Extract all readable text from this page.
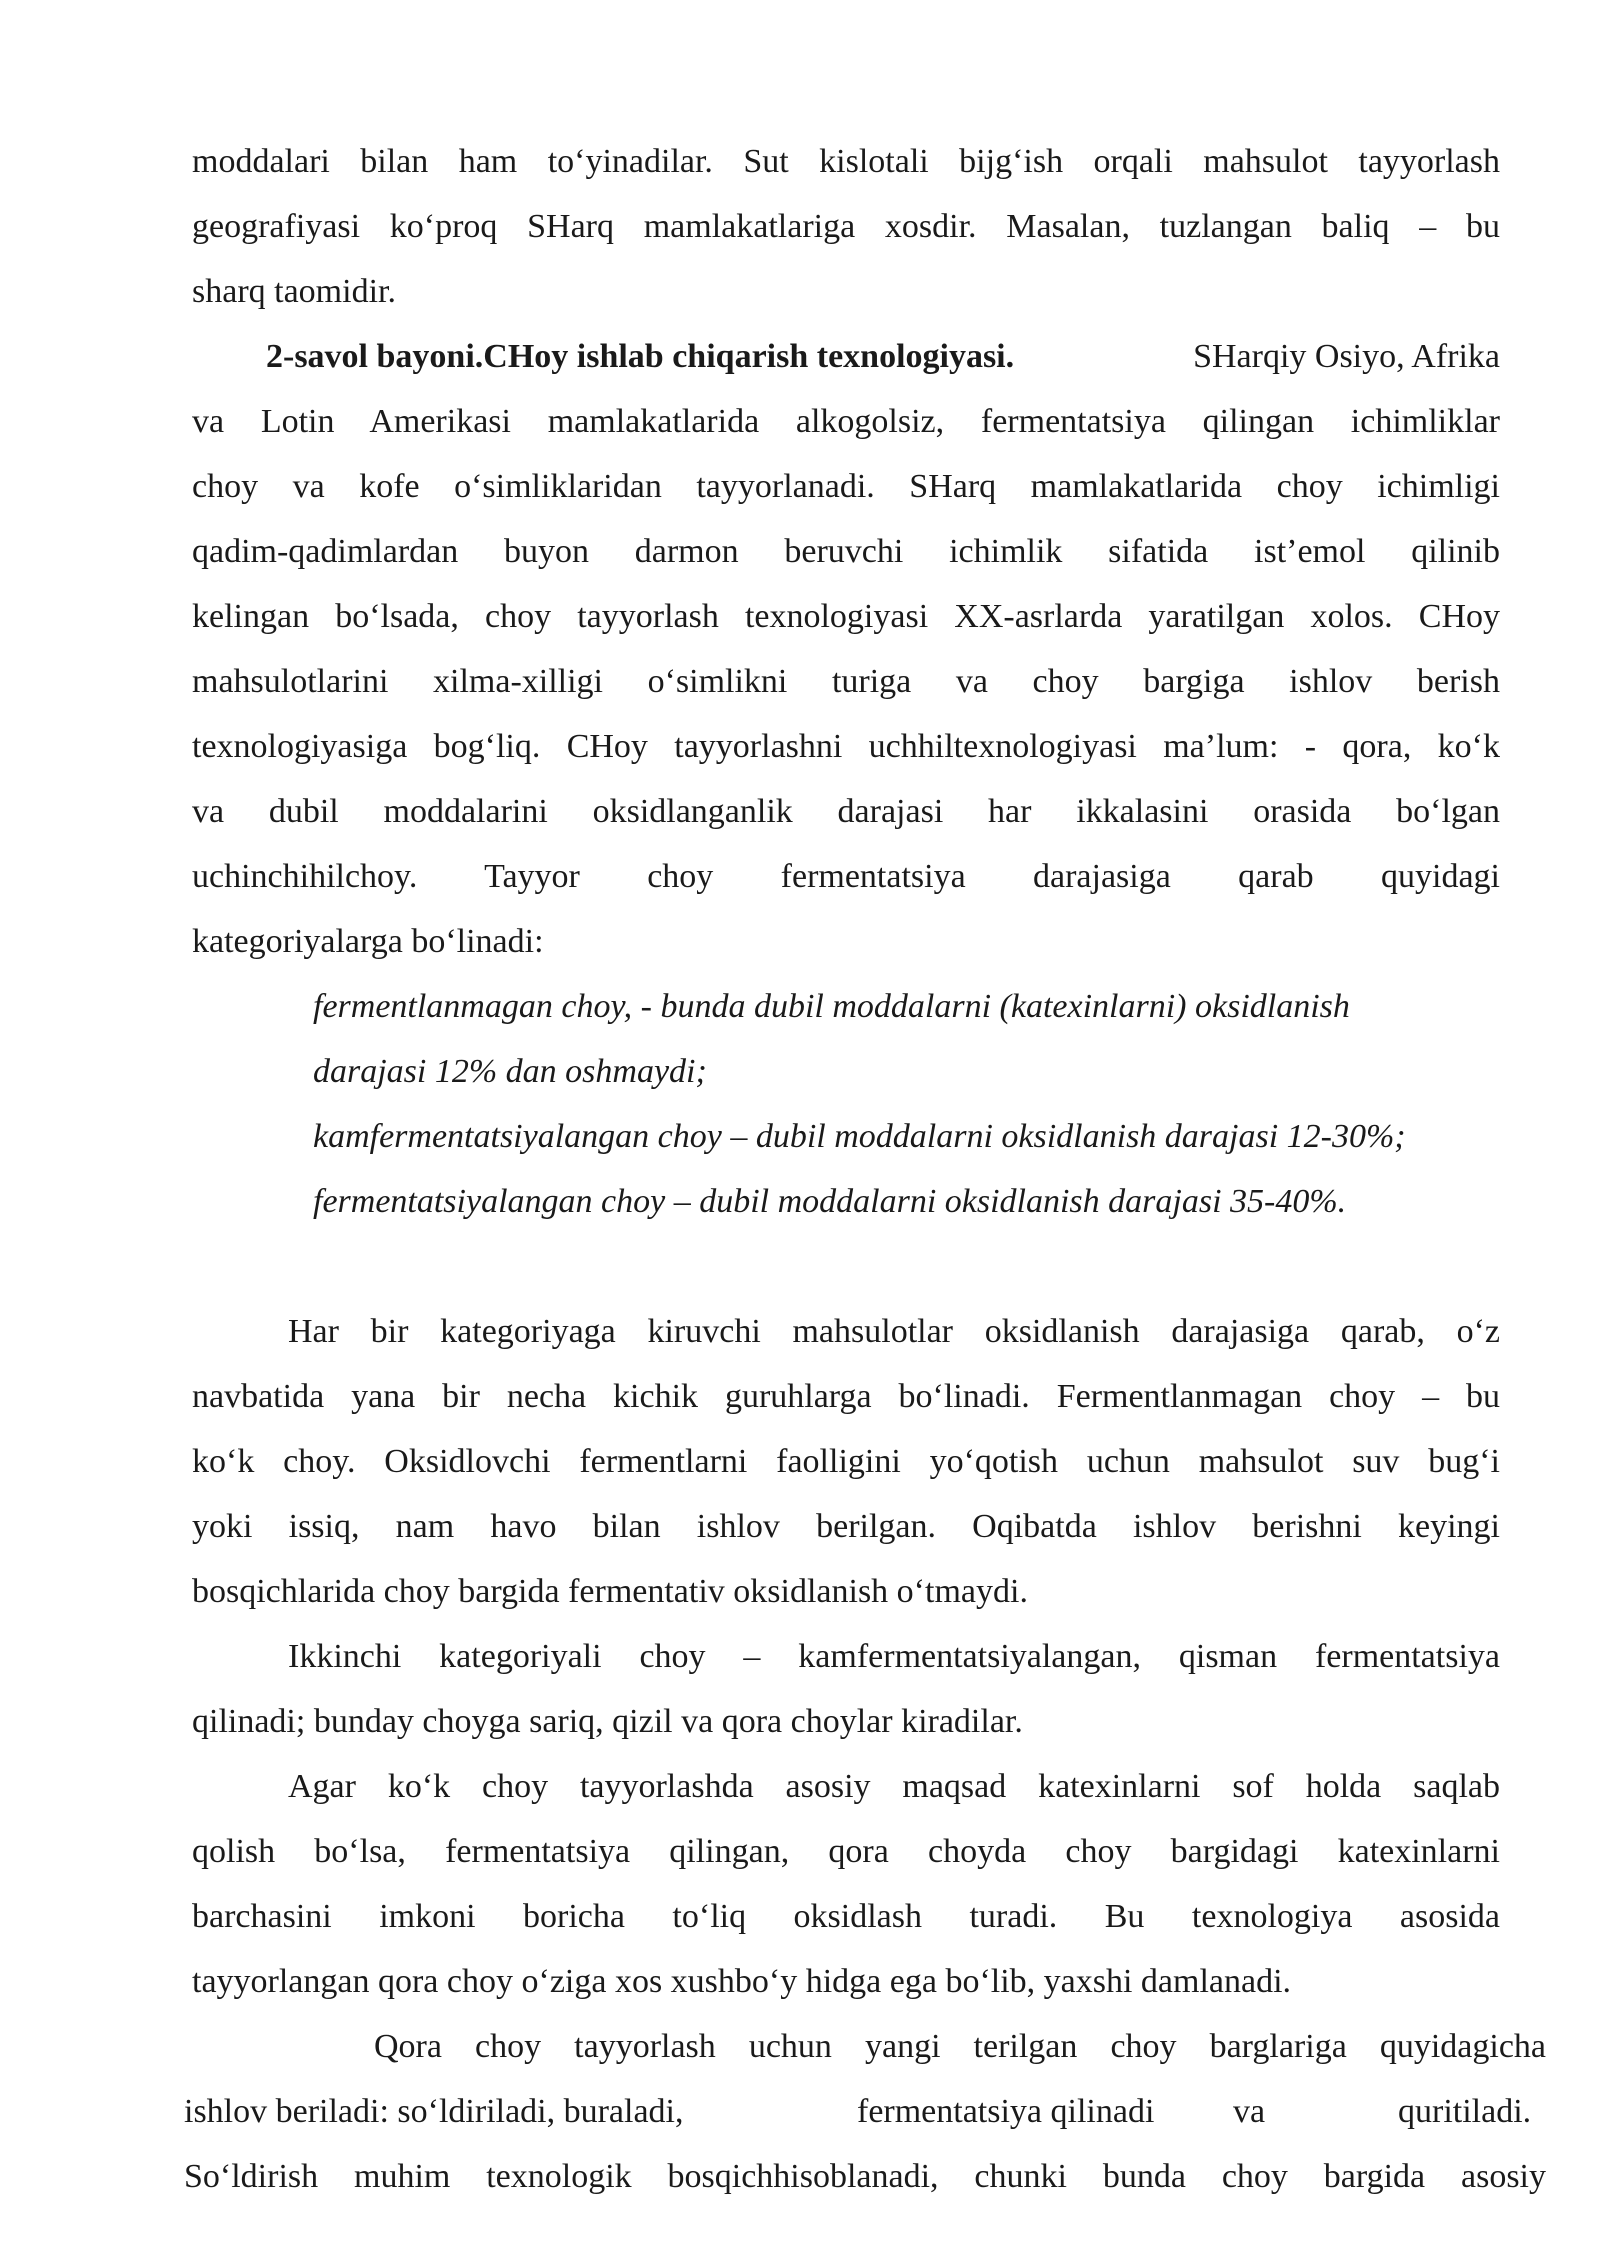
moddalari bilan ham to‘yinadilar. Sut kislotali bijg‘ish orqali mahsulot tayyorlash
geografiyasi ko‘proq SHarq mamlakatlariga xosdir. Masalan, tuzlangan baliq – bu
sharq taomidir.
2-savol bayoni.CHoy ishlab chiqarish texnologiyasi.	SHarqiy Osiyo, Afrika
va Lotin Amerikasi mamlakatlarida alkogolsiz, fermentatsiya qilingan ichimliklar
choy va kofe o‘simliklaridan tayyorlanadi. SHarq mamlakatlarida choy ichimligi
qadim-qadimlardan buyon darmon beruvchi ichimlik sifatida ist’emol qilinib
kelingan bo‘lsada, choy tayyorlash texnologiyasi XX-asrlarda yaratilgan xolos. CHoy
mahsulotlarini xilma-xilligi o‘simlikni turiga va choy bargiga ishlov berish
texnologiyasiga bog‘liq. CHoy tayyorlashni uchhiltexnologiyasi ma’lum: - qora, ko‘k
va dubil moddalarini oksidlanganlik darajasi har ikkalasini orasida bo‘lgan
uchinchihilchoy. Tayyor choy fermentatsiya darajasiga qarab quyidagi
kategoriyalarga bo‘linadi:
fermentlanmagan choy, - bunda dubil moddalarni (katexinlarni) oksidlanish
darajasi 12% dan oshmaydi;
kamfermentatsiyalangan choy – dubil moddalarni oksidlanish darajasi 12-30%;
fermentatsiyalangan choy – dubil moddalarni oksidlanish darajasi 35-40%.
Har bir kategoriyaga kiruvchi mahsulotlar oksidlanish darajasiga qarab, o‘z
navbatida yana bir necha kichik guruhlarga bo‘linadi. Fermentlanmagan choy – bu
ko‘k choy. Oksidlovchi fermentlarni faolligini yo‘qotish uchun mahsulot suv bug‘i
yoki issiq, nam havo bilan ishlov berilgan. Oqibatda ishlov berishni keyingi
bosqichlarida choy bargida fermentativ oksidlanish o‘tmaydi.
Ikkinchi kategoriyali choy – kamfermentatsiyalangan, qisman fermentatsiya
qilinadi; bunday choyga sariq, qizil va qora choylar kiradilar.
Agar ko‘k choy tayyorlashda asosiy maqsad katexinlarni sof holda saqlab
qolish bo‘lsa, fermentatsiya qilingan, qora choyda choy bargidagi katexinlarni
barchasini imkoni boricha to‘liq oksidlash turadi. Bu texnologiya asosida
tayyorlangan qora choy o‘ziga xos xushbo‘y hidga ega bo‘lib, yaxshi damlanadi.
Qora choy tayyorlash uchun yangi terilgan choy barglariga quyidagicha
ishlov beriladi: so‘ldiriladi, buraladi,	fermentatsiya qilinadi va	quritiladi.
So‘ldirish muhim texnologik bosqichhisoblanadi, chunki bunda choy bargida asosiy
